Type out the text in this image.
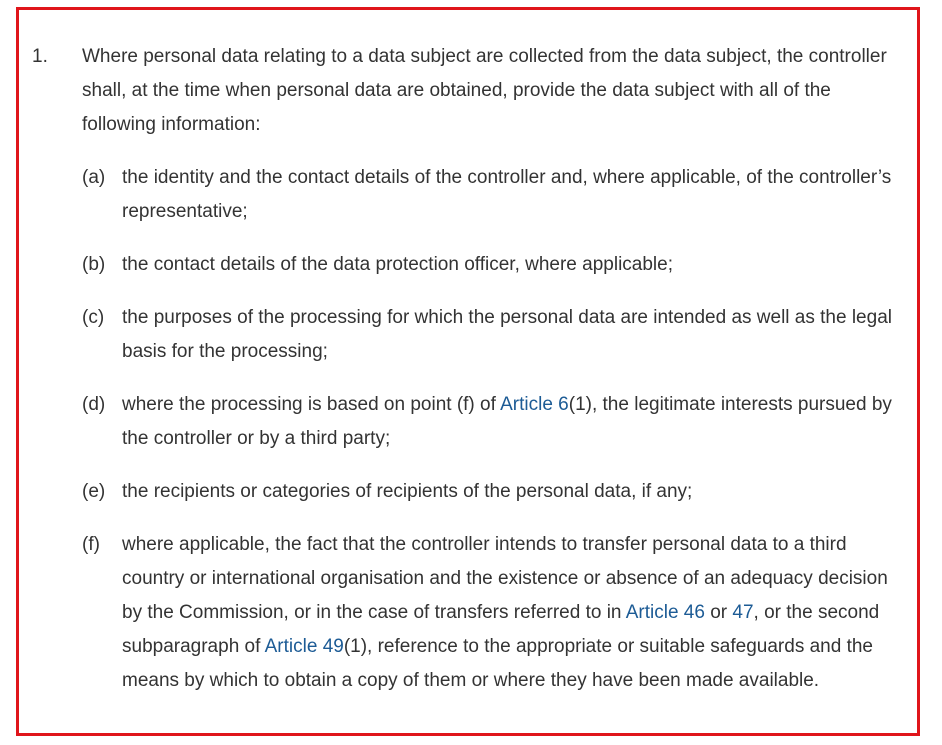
1. Where personal data relating to a data subject are collected from the data subject, the controller shall, at the time when personal data are obtained, provide the data subject with all of the following information:

(a) the identity and the contact details of the controller and, where applicable, of the controller’s representative;
(b) the contact details of the data protection officer, where applicable;
(c) the purposes of the processing for which the personal data are intended as well as the legal basis for the processing;
(d) where the processing is based on point (f) of Article 6(1), the legitimate interests pursued by the controller or by a third party;
(e) the recipients or categories of recipients of the personal data, if any;
(f)	where applicable, the fact that the controller intends to transfer personal data to a third country or international organisation and the existence or absence of an adequacy decision by the Commission, or in the case of transfers referred to in Article 46 or 47, or the second subparagraph of Article 49(1), reference to the appropriate or suitable safeguards and the means by which to obtain a copy of them or where they have been made available.
